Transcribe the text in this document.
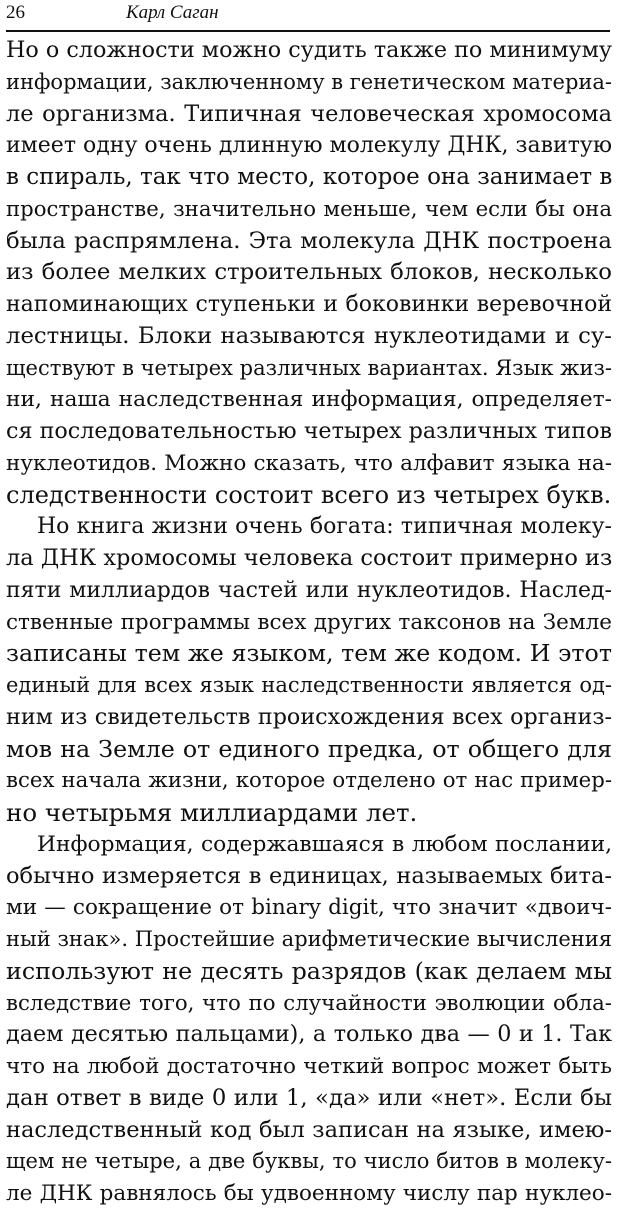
26	Карл Саган
Но о сложности можно судить также по минимуму
информации, заключенному в генетическом материа-
ле организма. Типичная человеческая хромосома
имеет одну очень длинную молекулу ДНК, завитую
в спираль, так что место, которое она занимает в
пространстве, значительно меньше, чем если бы она
была распрямлена. Эта молекула ДНК построена
из более мелких строительных блоков, несколько
напоминающих ступеньки и боковинки веревочной
лестницы. Блоки называются нуклеотидами и су-
ществуют в четырех различных вариантах. Язык жиз-
ни, наша наследственная информация, определяет-
ся последовательностью четырех различных типов
нуклеотидов. Можно сказать, что алфавит языка на-
следственности состоит всего из четырех букв.
Но книга жизни очень богата: типичная молеку-
ла ДНК хромосомы человека состоит примерно из
пяти миллиардов частей или нуклеотидов. Наслед-
ственные программы всех других таксонов на Земле
записаны тем же языком, тем же кодом. И этот
единый для всех язык наследственности является од-
ним из свидетельств происхождения всех организ-
мов на Земле от единого предка, от общего для
всех начала жизни, которое отделено от нас пример-
но четырьмя миллиардами лет.
Информация, содержавшаяся в любом послании,
обычно измеряется в единицах, называемых бита-
ми — сокращение от binary digit, что значит «двоич-
ный знак». Простейшие арифметические вычисления
используют не десять разрядов (как делаем мы
вследствие того, что по случайности эволюции обла-
даем десятью пальцами), а только два — 0 и 1. Так
что на любой достаточно четкий вопрос может быть
дан ответ в виде 0 или 1, «да» или «нет». Если бы
наследственный код был записан на языке, имею-
щем не четыре, а две буквы, то число битов в молеку-
ле ДНК равнялось бы удвоенному числу пар нуклео-
